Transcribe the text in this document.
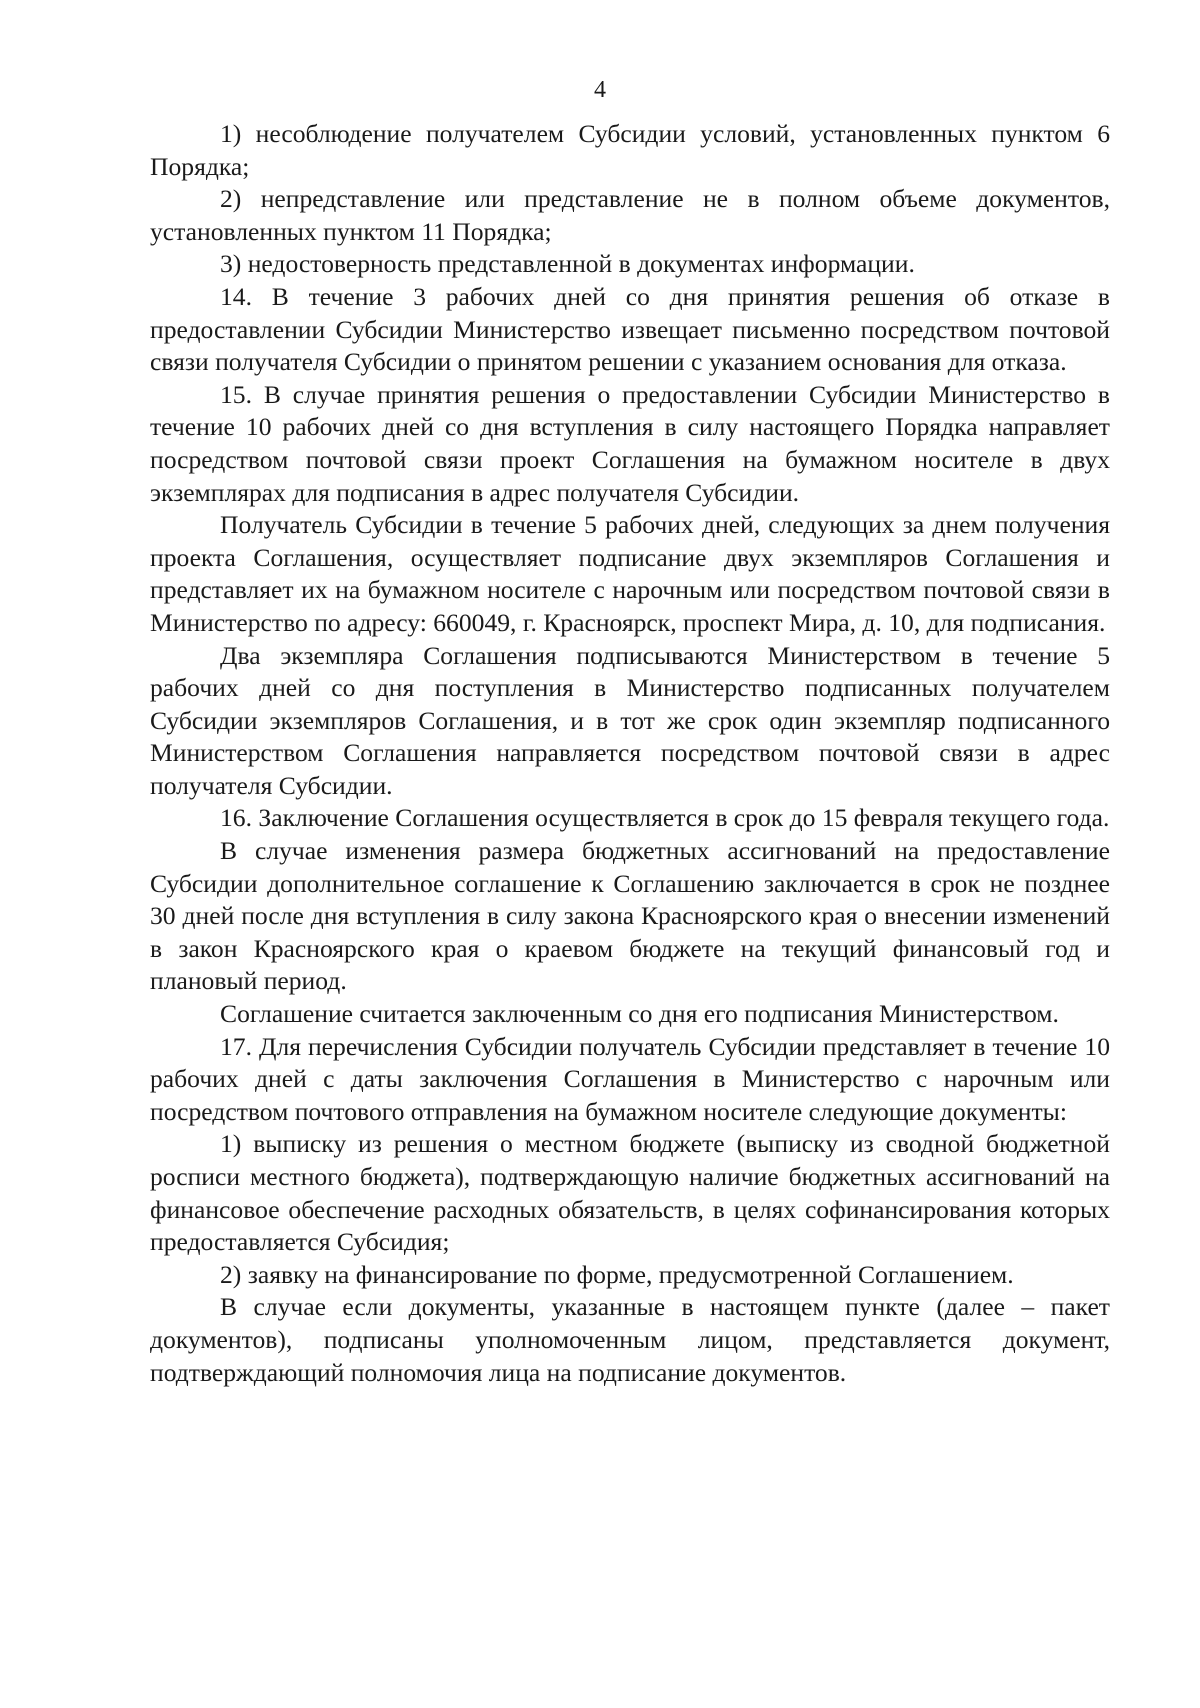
4

1) несоблюдение получателем Субсидии условий, установленных пунктом 6 Порядка;

2) непредставление или представление не в полном объеме документов, установленных пунктом 11 Порядка;

3) недостоверность представленной в документах информации.

14. В течение 3 рабочих дней со дня принятия решения об отказе в предоставлении Субсидии Министерство извещает письменно посредством почтовой связи получателя Субсидии о принятом решении с указанием основания для отказа.

15. В случае принятия решения о предоставлении Субсидии Министерство в течение 10 рабочих дней со дня вступления в силу настоящего Порядка направляет посредством почтовой связи проект Соглашения на бумажном носителе в двух экземплярах для подписания в адрес получателя Субсидии.

Получатель Субсидии в течение 5 рабочих дней, следующих за днем получения проекта Соглашения, осуществляет подписание двух экземпляров Соглашения и представляет их на бумажном носителе с нарочным или посредством почтовой связи в Министерство по адресу: 660049, г. Красноярск, проспект Мира, д. 10, для подписания.

Два экземпляра Соглашения подписываются Министерством в течение 5 рабочих дней со дня поступления в Министерство подписанных получателем Субсидии экземпляров Соглашения, и в тот же срок один экземпляр подписанного Министерством Соглашения направляется посредством почтовой связи в адрес получателя Субсидии.

16. Заключение Соглашения осуществляется в срок до 15 февраля текущего года.

В случае изменения размера бюджетных ассигнований на предоставление Субсидии дополнительное соглашение к Соглашению заключается в срок не позднее 30 дней после дня вступления в силу закона Красноярского края о внесении изменений в закон Красноярского края о краевом бюджете на текущий финансовый год и плановый период.

Соглашение считается заключенным со дня его подписания Министерством.

17. Для перечисления Субсидии получатель Субсидии представляет в течение 10 рабочих дней с даты заключения Соглашения в Министерство с нарочным или посредством почтового отправления на бумажном носителе следующие документы:

1) выписку из решения о местном бюджете (выписку из сводной бюджетной росписи местного бюджета), подтверждающую наличие бюджетных ассигнований на финансовое обеспечение расходных обязательств, в целях софинансирования которых предоставляется Субсидия;

2) заявку на финансирование по форме, предусмотренной Соглашением.

В случае если документы, указанные в настоящем пункте (далее – пакет документов), подписаны уполномоченным лицом, представляется документ, подтверждающий полномочия лица на подписание документов.
